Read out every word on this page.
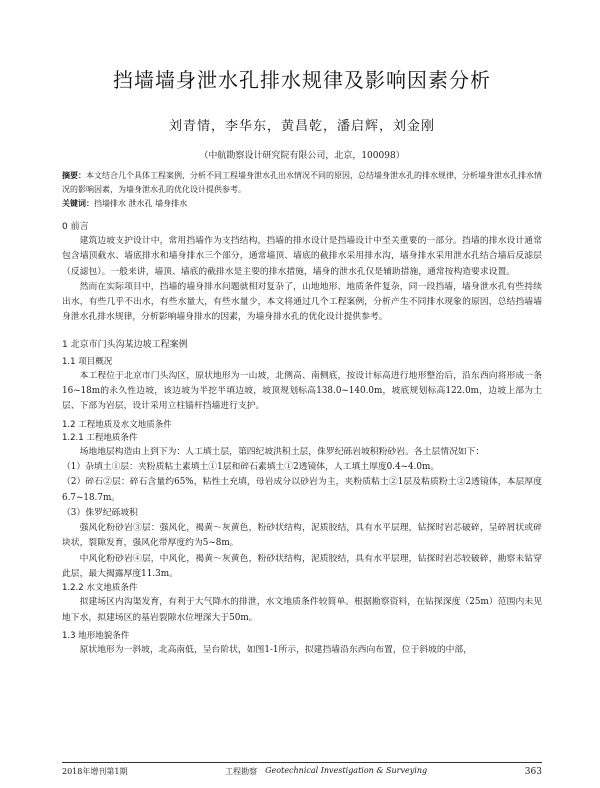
挡墙墙身泄水孔排水规律及影响因素分析
刘青情，李华东，黄昌乾，潘启辉，刘金刚
（中航勘察设计研究院有限公司，北京，100098）
摘要：本文结合几个具体工程案例，分析不同工程墙身泄水孔出水情况不同的原因，总结墙身泄水孔的排水规律，分析墙身泄水孔排水情况的影响因素，为墙身泄水孔的优化设计提供参考。
关键词：挡墙排水 泄水孔 墙身排水
0 前言

建筑边坡支护设计中，常用挡墙作为支挡结构，挡墙的排水设计是挡墙设计中至关重要的一部分。挡墙的排水设计通常包含墙顶截水、墙底排水和墙身排水三个部分，通常墙顶、墙底的截排水采用排水沟，墙身排水采用泄水孔结合墙后反滤层（反滤包）。一般来讲，墙顶、墙底的截排水是主要的排水措施，墙身的泄水孔仅是辅助措施，通常按构造要求设置。

然而在实际项目中，挡墙的墙身排水问题就相对复杂了，山地地形、地质条件复杂，同一段挡墙，墙身泄水孔有些持续出水，有些几乎不出水，有些水量大，有些水量少，本文将通过几个工程案例，分析产生不同排水现象的原因，总结挡墙墙身泄水孔排水规律，分析影响墙身排水的因素，为墙身排水孔的优化设计提供参考。

1 北京市门头沟某边坡工程案例
1.1 项目概况

本工程位于北京市门头沟区，原状地形为一山坡，北侧高、南侧底，按设计标高进行地形整治后，沿东西向将形成一条16~18m的永久性边坡，该边坡为半挖半填边坡，坡顶规划标高138.0~140.0m，坡底规划标高122.0m，边坡上部为土层、下部为岩层，设计采用立柱锚杆挡墙进行支护。

1.2 工程地质及水文地质条件
1.2.1 工程地质条件

场地地层构造由上到下为：人工填土层，第四纪坡洪积土层，侏罗纪砾岩坡积粉砂岩。各土层情况如下：

（1）杂填土①层：夹粉质粘土素填土①1层和碎石素填土①2透镜体，人工填土厚度0.4~4.0m。

（2）碎石②层：碎石含量约65%，粘性土充填，母岩成分以砂岩为主，夹粉质粘土②1层及粘质粉土②2透镜体，本层厚度6.7~18.7m。

（3）侏罗纪砾坡积

强风化粉砂岩③层：强风化，褐黄～灰黄色，粉砂状结构，泥质胶结，具有水平层理，钻探时岩芯破碎，呈碎屑状或碎块状，裂隙发育，强风化带厚度约为5~8m。

中风化粉砂岩④层，中风化，褐黄～灰黄色，粉砂状结构，泥质胶结，具有水平层理，钻探时岩芯较破碎，勘察未钻穿此层，最大揭露厚度11.3m。

1.2.2 水文地质条件

拟建场区内沟渠发育，有利于大气降水的排泄，水文地质条件较简单。根据勘察资料，在钻探深度（25m）范围内未见地下水，拟建场区的基岩裂隙水位埋深大于50m。

1.3 地形地貌条件

原状地形为一斜坡，北高南低，呈台阶状，如图1-1所示，拟建挡墙沿东西向布置，位于斜坡的中部，

2018年增刊第1期	工程勘察 Geotechnical Investigation & Surveying	363
